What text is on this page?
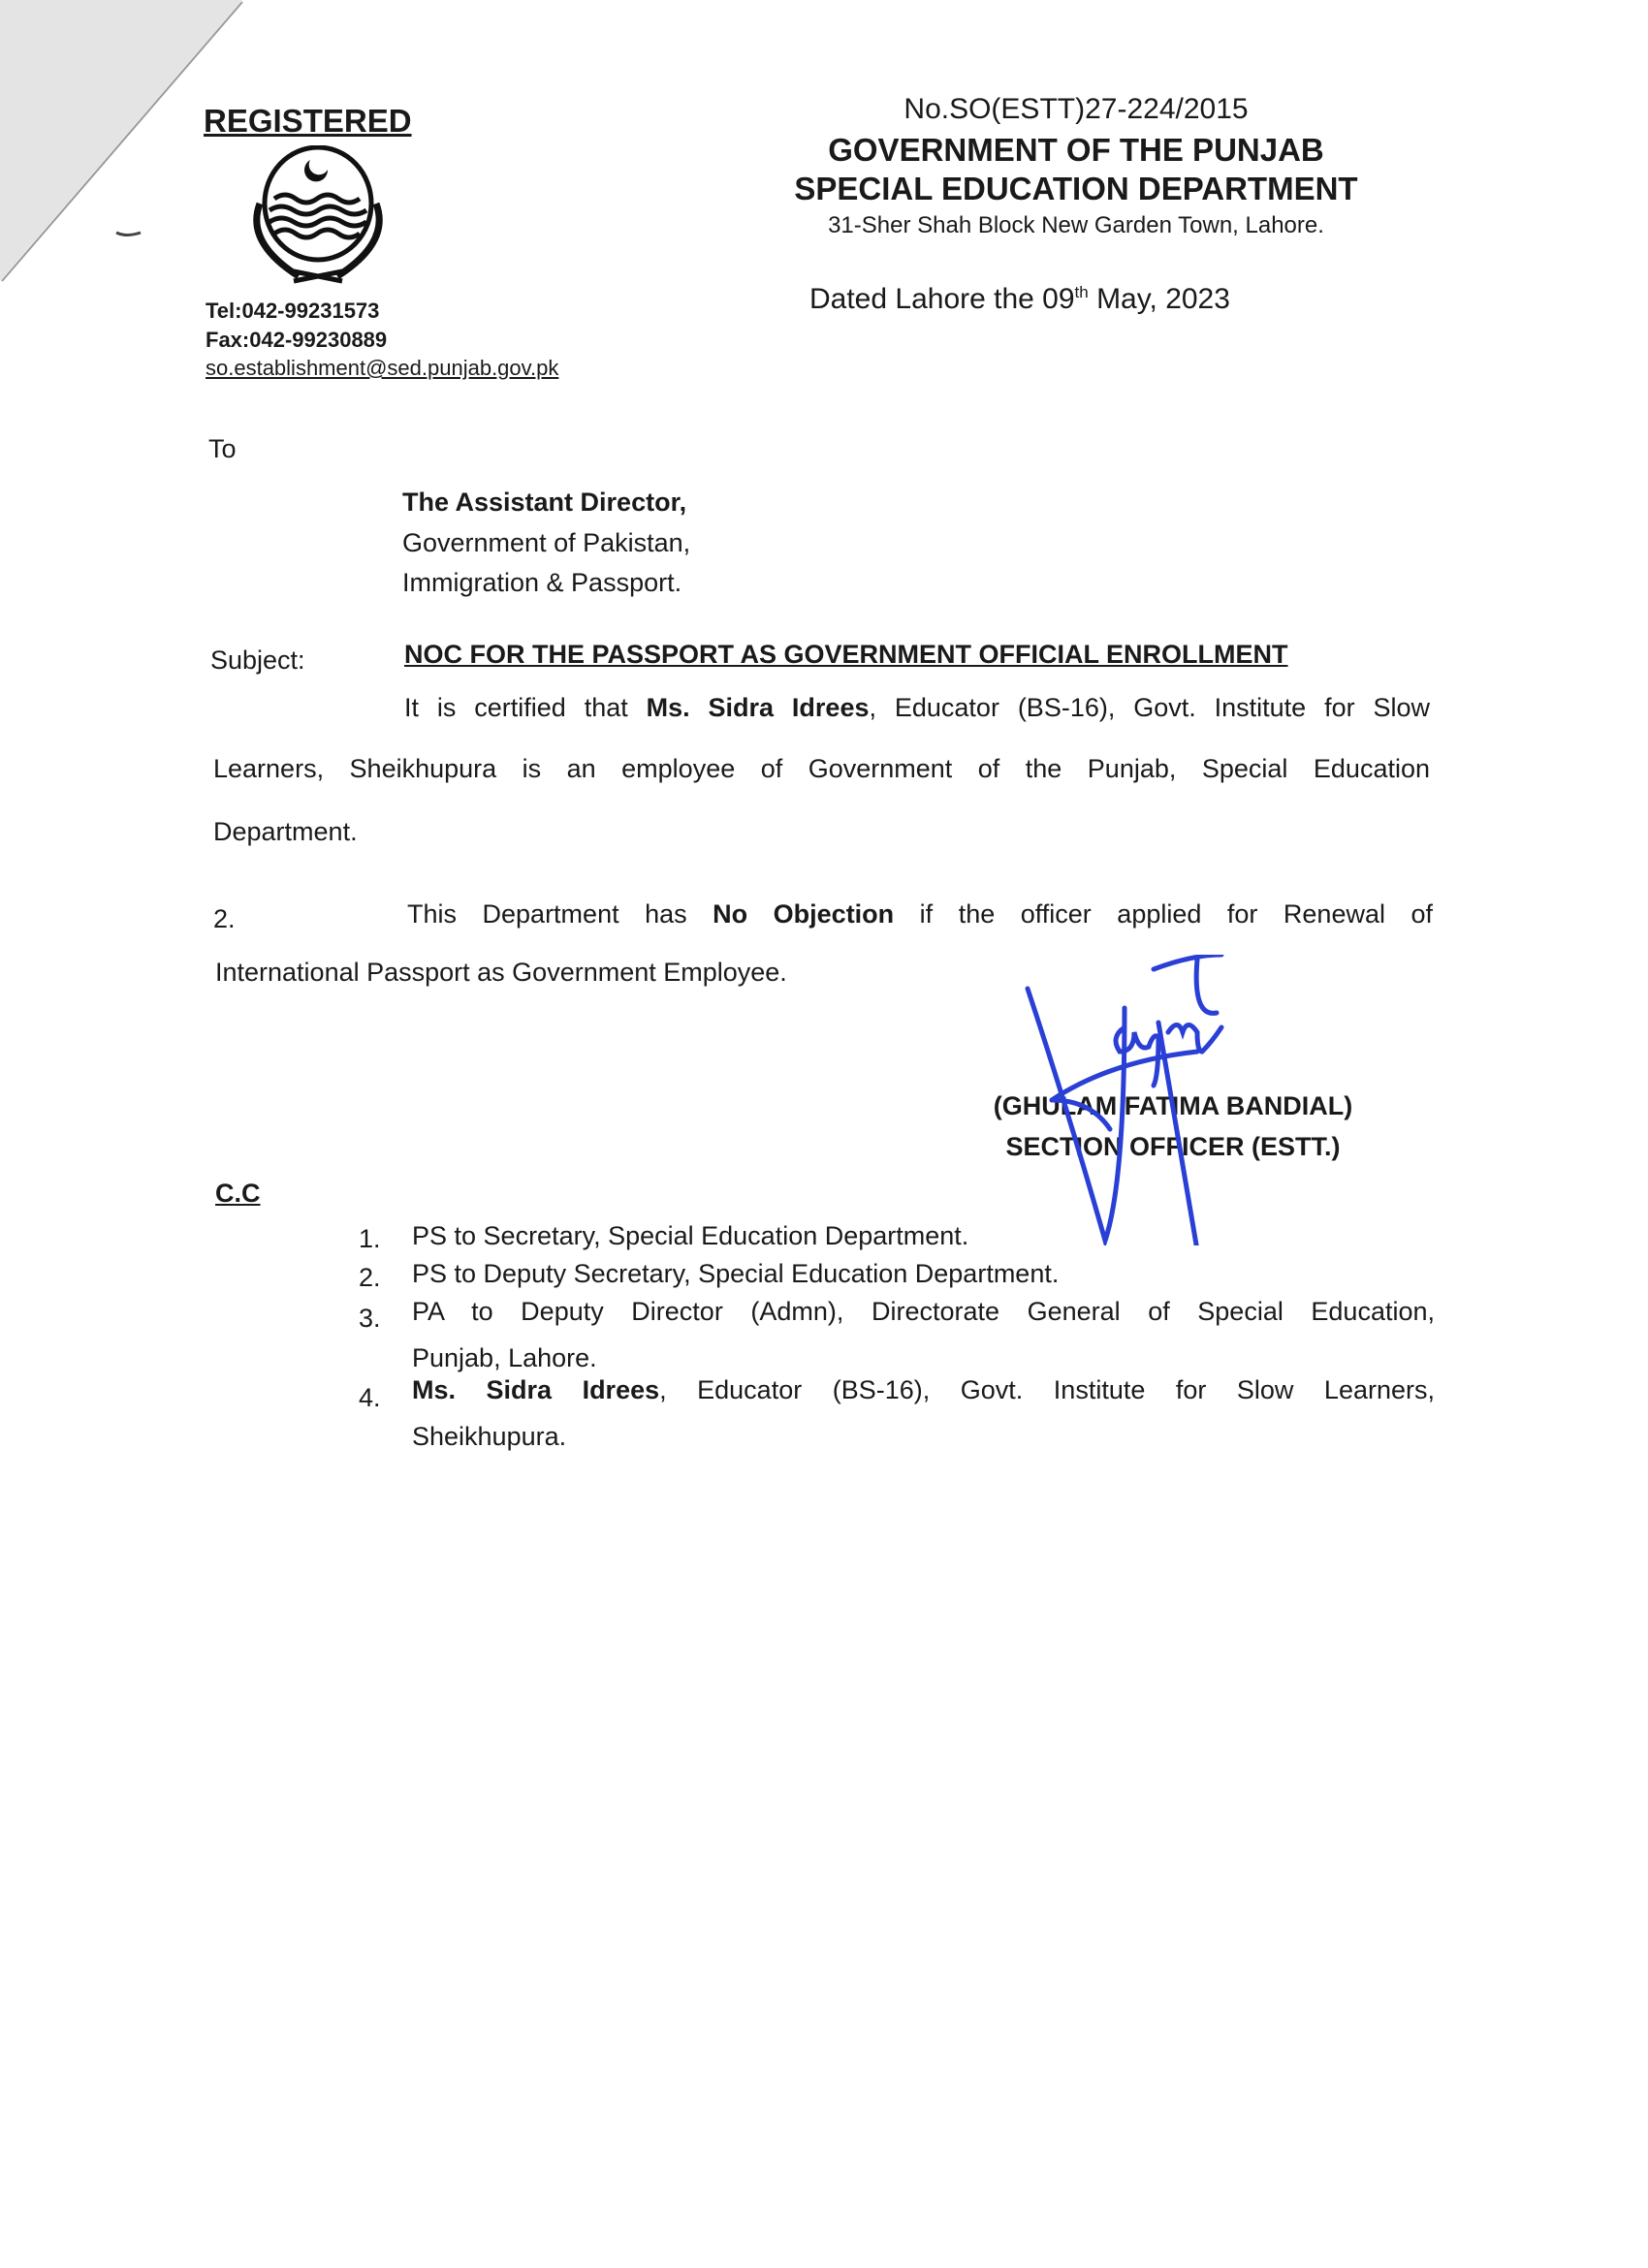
REGISTERED
Tel:042-99231573
Fax:042-99230889
so.establishment@sed.punjab.gov.pk
No.SO(ESTT)27-224/2015
GOVERNMENT OF THE PUNJAB
SPECIAL EDUCATION DEPARTMENT
31-Sher Shah Block New Garden Town, Lahore.
Dated Lahore the 09th May, 2023
To
The Assistant Director,
Government of Pakistan,
Immigration & Passport.
Subject:	NOC FOR THE PASSPORT AS GOVERNMENT OFFICIAL ENROLLMENT
It is certified that Ms. Sidra Idrees, Educator (BS-16), Govt. Institute for Slow
Learners, Sheikhupura is an employee of Government of the Punjab, Special Education
Department.
2.	This Department has No Objection if the officer applied for Renewal of
International Passport as Government Employee.
(GHULAM FATIMA BANDIAL)
SECTION OFFICER (ESTT.)
C.C
1. PS to Secretary, Special Education Department.
2. PS to Deputy Secretary, Special Education Department.
3. PA to Deputy Director (Admn), Directorate General of Special Education,
Punjab, Lahore.
4. Ms. Sidra Idrees, Educator (BS-16), Govt. Institute for Slow Learners,
Sheikhupura.
